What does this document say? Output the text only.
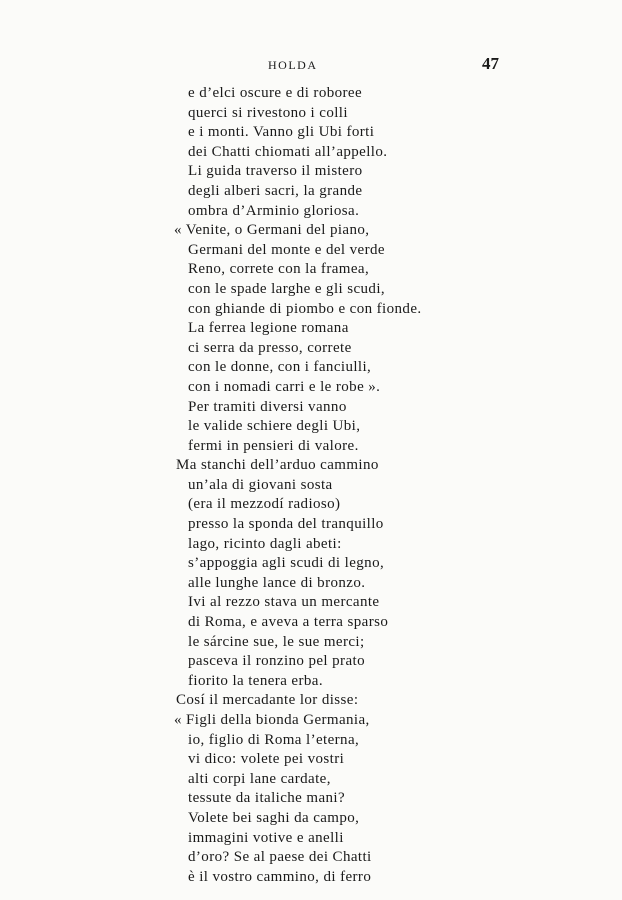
HOLDA	47
e d’elci oscure e di roboree
querci si rivestono i colli
e i monti. Vanno gli Ubi forti
dei Chatti chiomati all’appello.
Li guida traverso il mistero
degli alberi sacri, la grande
ombra d’Arminio gloriosa.
« Venite, o Germani del piano,
Germani del monte e del verde
Reno, correte con la framea,
con le spade larghe e gli scudi,
con ghiande di piombo e con fionde.
La ferrea legione romana
ci serra da presso, correte
con le donne, con i fanciulli,
con i nomadi carri e le robe ».
Per tramiti diversi vanno
le valide schiere degli Ubi,
fermi in pensieri di valore.
Ma stanchi dell’arduo cammino
un’ala di giovani sosta
(era il mezzodí radioso)
presso la sponda del tranquillo
lago, ricinto dagli abeti:
s’appoggia agli scudi di legno,
alle lunghe lance di bronzo.
Ivi al rezzo stava un mercante
di Roma, e aveva a terra sparso
le sárcine sue, le sue merci;
pasceva il ronzino pel prato
fiorito la tenera erba.
Cosí il mercadante lor disse:
« Figli della bionda Germania,
io, figlio di Roma l’eterna,
vi dico: volete pei vostri
alti corpi lane cardate,
tessute da italiche mani?
Volete bei saghi da campo,
immagini votive e anelli
d’oro? Se al paese dei Chatti
è il vostro cammino, di ferro
